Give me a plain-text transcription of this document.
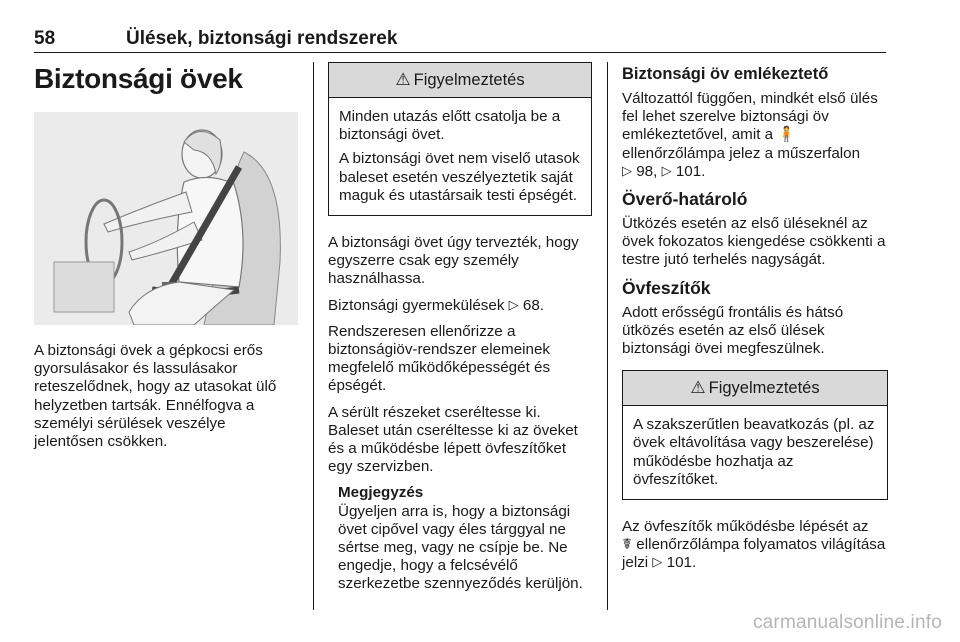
58	Ülések, biztonsági rendszerek
Biztonsági övek

A biztonsági övek a gépkocsi erős gyorsulásakor és lassulásakor reteszelődnek, hogy az utasokat ülő helyzetben tartsák. Ennélfogva a személyi sérülések veszélye jelentősen csökken.

⚠ Figyelmeztetés

Minden utazás előtt csatolja be a biztonsági övet.

A biztonsági övet nem viselő utasok baleset esetén veszélyeztetik saját maguk és utastársaik testi épségét.

A biztonsági övet úgy tervezték, hogy egyszerre csak egy személy használhassa.

Biztonsági gyermekülések ▷ 68.

Rendszeresen ellenőrizze a biztonságiöv-rendszer elemeinek megfelelő működőképességét és épségét.

A sérült részeket cseréltesse ki. Baleset után cseréltesse ki az öveket és a működésbe lépett övfeszítőket egy szervizben.

Megjegyzés
Ügyeljen arra is, hogy a biztonsági övet cipővel vagy éles tárggyal ne sértse meg, vagy ne csípje be. Ne engedje, hogy a felcsévélő szerkezetbe szennyeződés kerüljön.
Biztonsági öv emlékeztető

Változattól függően, mindkét első ülés fel lehet szerelve biztonsági öv emlékeztetővel, amit a 🧍
ellenőrzőlámpa jelez a műszerfalon
▷ 98, ▷ 101.

Överő-határoló

Ütközés esetén az első üléseknél az övek fokozatos kiengedése csökkenti a testre jutó terhelés nagyságát.

Övfeszítők

Adott erősségű frontális és hátsó ütközés esetén az első ülések biztonsági övei megfeszülnek.

⚠ Figyelmeztetés

A szakszerűtlen beavatkozás (pl. az övek eltávolítása vagy beszerelése) működésbe hozhatja az övfeszítőket.

Az övfeszítők működésbe lépését az
☤ ellenőrzőlámpa folyamatos világítása jelzi ▷ 101.

carmanualsonline.info
